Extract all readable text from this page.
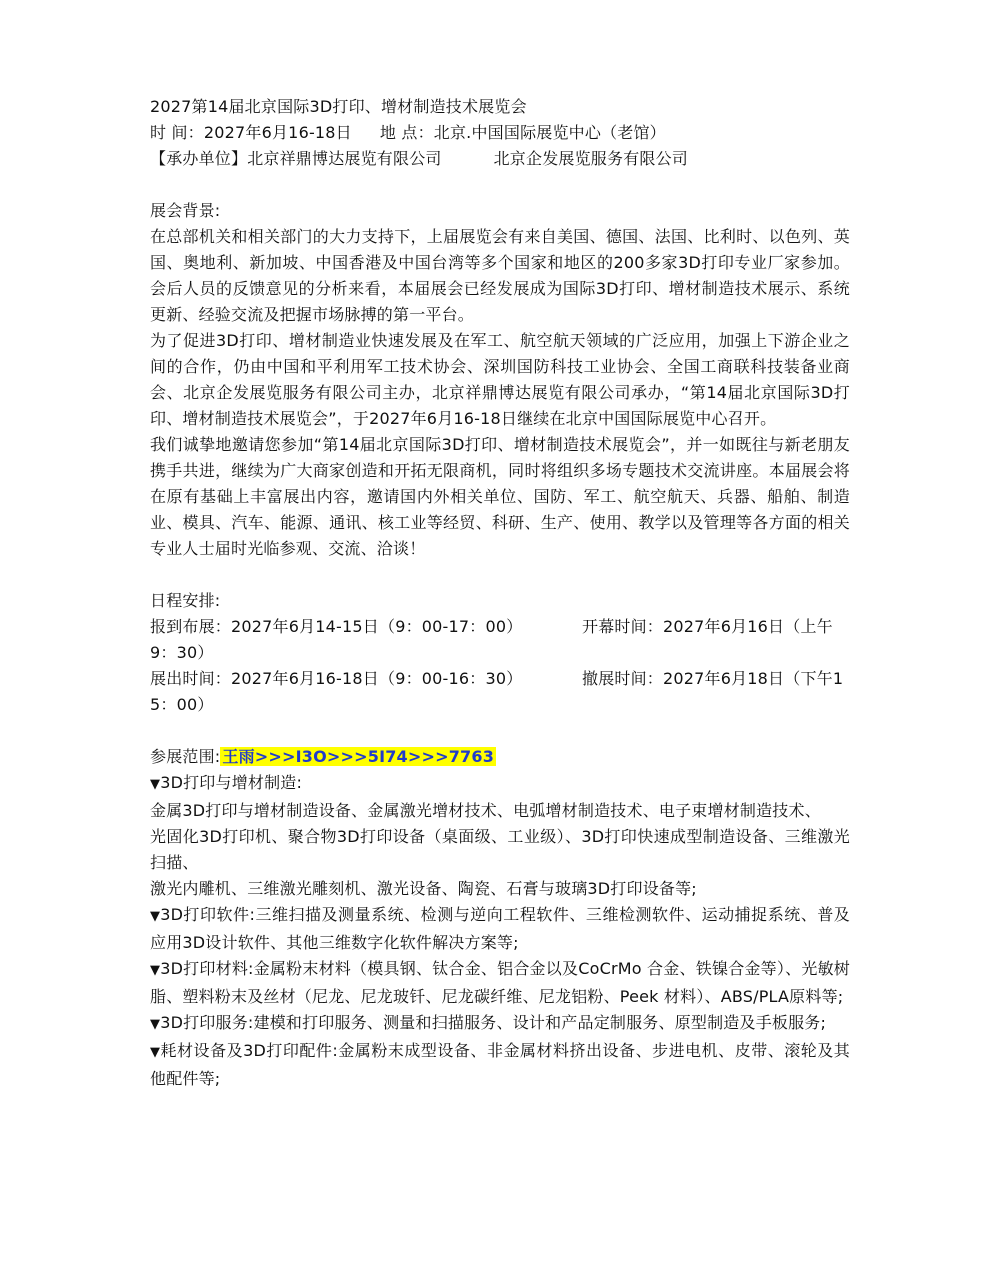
2027第14届北京国际3D打印、增材制造技术展览会
时 间：2027年6月16-18日 地 点：北京.中国国际展览中心（老馆）
【承办单位】北京祥鼎博达展览有限公司	北京企发展览服务有限公司
展会背景:
在总部机关和相关部门的大力支持下，上届展览会有来自美国、德国、法国、比利时、以色列、英国、奥地利、新加坡、中国香港及中国台湾等多个国家和地区的200多家3D打印专业厂家参加。会后人员的反馈意见的分析来看，本届展会已经发展成为国际3D打印、增材制造技术展示、系统更新、经验交流及把握市场脉搏的第一平台。
为了促进3D打印、增材制造业快速发展及在军工、航空航天领域的广泛应用，加强上下游企业之间的合作，仍由中国和平利用军工技术协会、深圳国防科技工业协会、全国工商联科技装备业商会、北京企发展览服务有限公司主办，北京祥鼎博达展览有限公司承办，“第14届北京国际3D打印、增材制造技术展览会”，于2027年6月16-18日继续在北京中国国际展览中心召开。
我们诚挚地邀请您参加“第14届北京国际3D打印、增材制造技术展览会”，并一如既往与新老朋友携手共进，继续为广大商家创造和开拓无限商机，同时将组织多场专题技术交流讲座。本届展会将在原有基础上丰富展出内容，邀请国内外相关单位、国防、军工、航空航天、兵器、船舶、制造业、模具、汽车、能源、通讯、核工业等经贸、科研、生产、使用、教学以及管理等各方面的相关专业人士届时光临参观、交流、洽谈！
日程安排:
报到布展：2027年6月14-15日（9：00-17：00）	开幕时间：2027年6月16日（上午9：30）
展出时间：2027年6月16-18日（9：00-16：30）	撤展时间：2027年6月18日（下午15：00）
参展范围: 王雨>>>I3O>>>5I74>>>7763
▼3D打印与增材制造:
金属3D打印与增材制造设备、金属激光增材技术、电弧增材制造技术、电子束增材制造技术、
光固化3D打印机、聚合物3D打印设备（桌面级、工业级）、3D打印快速成型制造设备、三维激光扫描、
激光内雕机、三维激光雕刻机、激光设备、陶瓷、石膏与玻璃3D打印设备等;
▼3D打印软件:三维扫描及测量系统、检测与逆向工程软件、三维检测软件、运动捕捉系统、普及应用3D设计软件、其他三维数字化软件解决方案等;
▼3D打印材料:金属粉末材料（模具钢、钛合金、铝合金以及CoCrMo 合金、铁镍合金等）、光敏树脂、塑料粉末及丝材（尼龙、尼龙玻钎、尼龙碳纤维、尼龙铝粉、Peek 材料）、ABS/PLA原料等;
▼3D打印服务:建模和打印服务、测量和扫描服务、设计和产品定制服务、原型制造及手板服务;
▼耗材设备及3D打印配件:金属粉末成型设备、非金属材料挤出设备、步进电机、皮带、滚轮及其他配件等;
